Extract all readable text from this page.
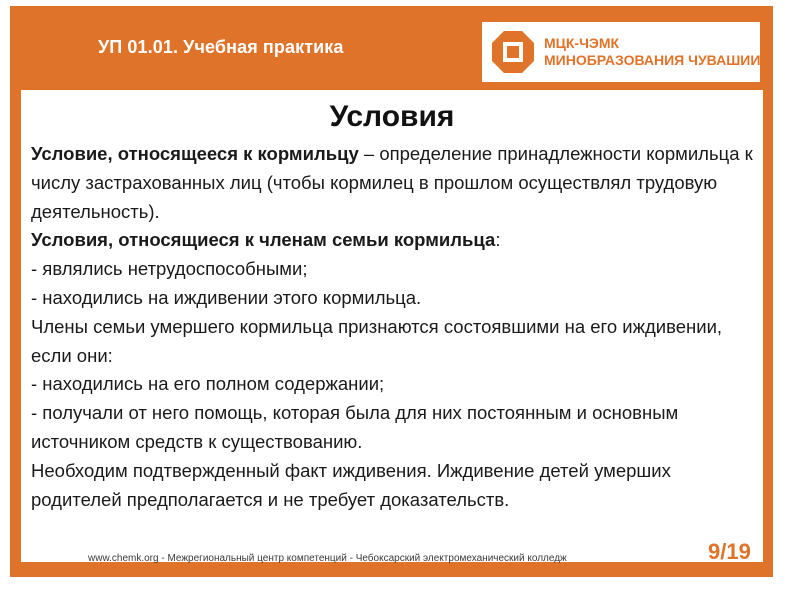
УП 01.01. Учебная практика	МЦК-ЧЭМК
МИНОБРАЗОВАНИЯ ЧУВАШИИ
Условия

Условие, относящееся к кормильцу – определение принадлежности кормильца к числу застрахованных лиц (чтобы кормилец в прошлом осуществлял трудовую деятельность).

Условия, относящиеся к членам семьи кормильца:

- являлись нетрудоспособными;

- находились на иждивении этого кормильца.

Члены семьи умершего кормильца признаются состоявшими на его иждивении, если они:

- находились на его полном содержании;

- получали от него помощь, которая была для них постоянным и основным источником средств к существованию.

Необходим подтвержденный факт иждивения. Иждивение детей умерших родителей предполагается и не требует доказательств.

www.chemk.org - Межрегиональный центр компетенций - Чебоксарский электромеханический колледж	9/19
